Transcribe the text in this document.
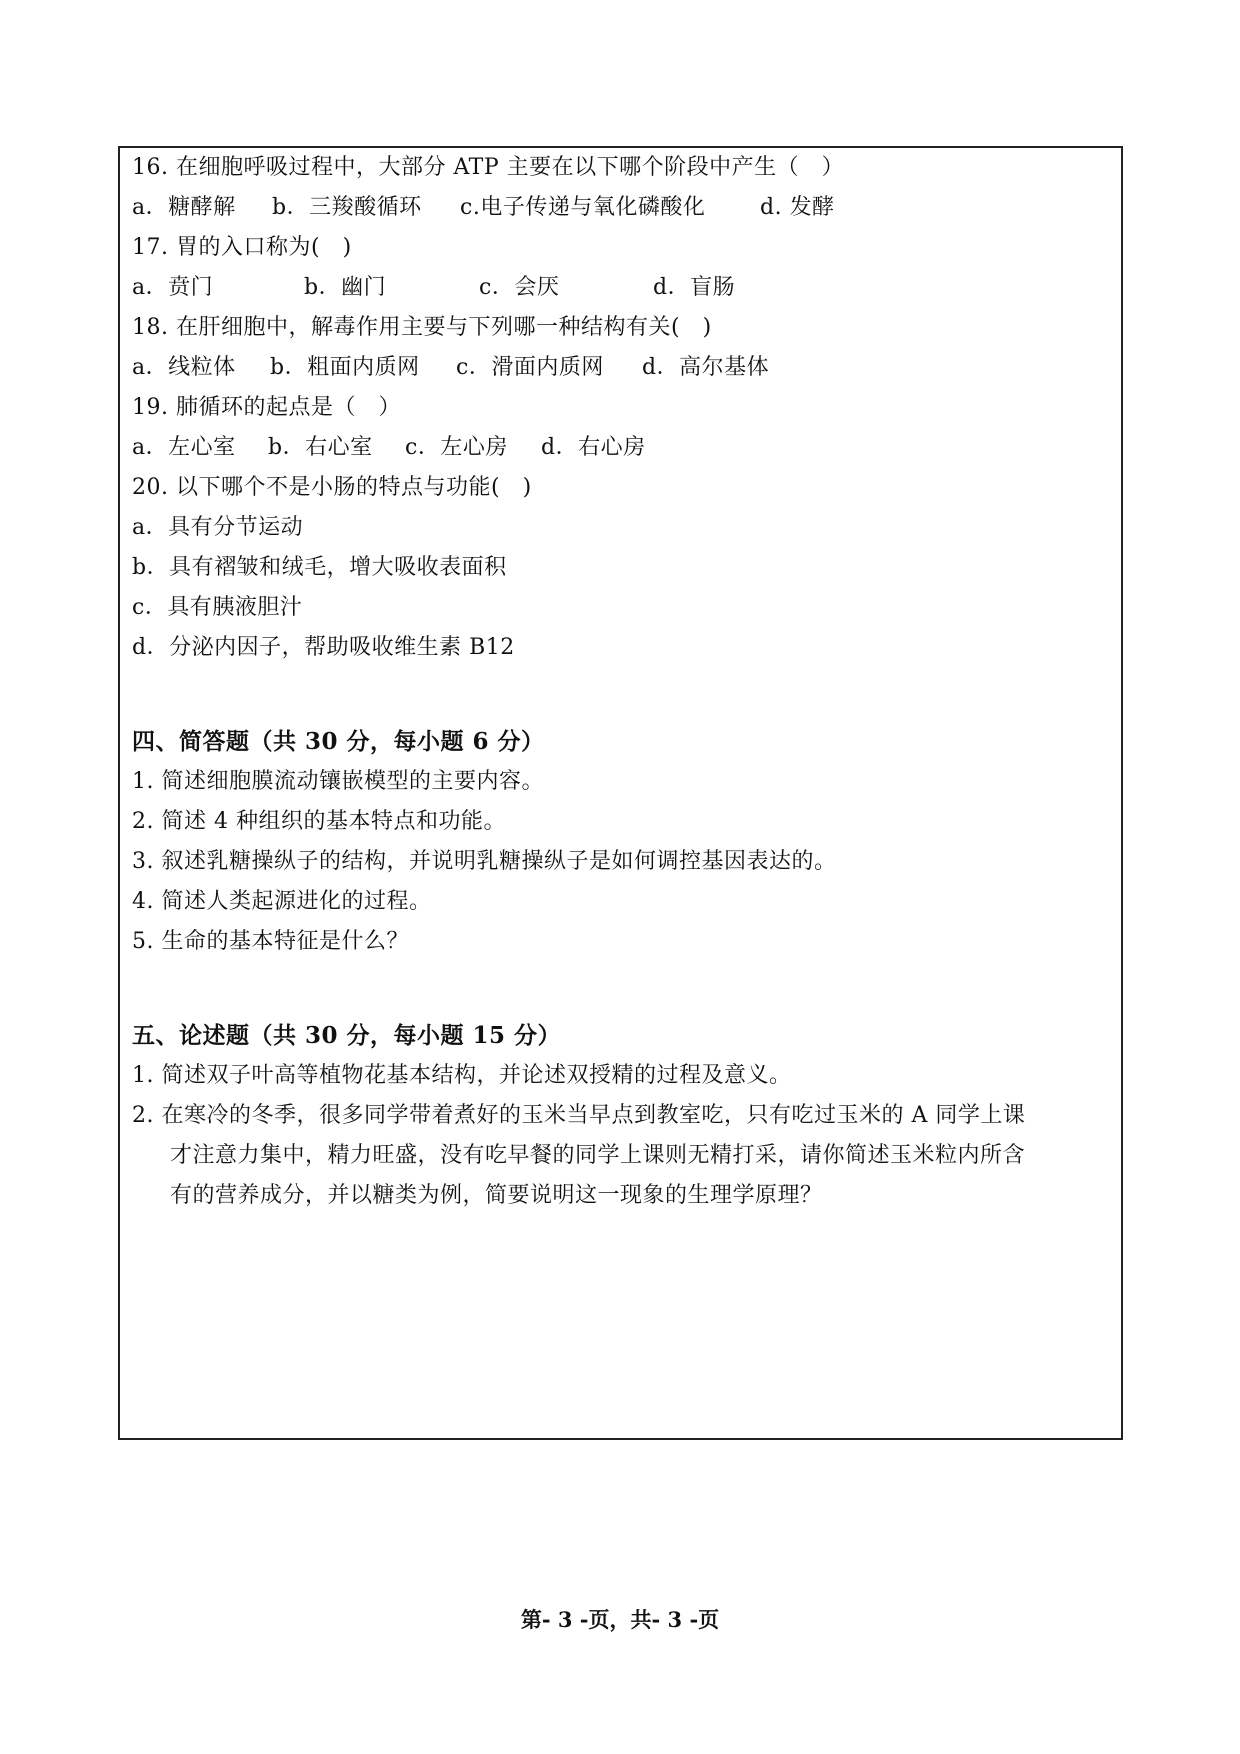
16. 在细胞呼吸过程中，大部分 ATP 主要在以下哪个阶段中产生（　）
a．糖酵解 b．三羧酸循环 c.电子传递与氧化磷酸化 d. 发酵
17. 胃的入口称为(　)
a．贲门	b．幽门	c．会厌	d．盲肠
18. 在肝细胞中，解毒作用主要与下列哪一种结构有关(　)
a．线粒体 b．粗面内质网 c．滑面内质网 d．高尔基体
19. 肺循环的起点是（　）
a．左心室 b．右心室 c．左心房 d．右心房
20. 以下哪个不是小肠的特点与功能(　)
a．具有分节运动
b．具有褶皱和绒毛，增大吸收表面积
c．具有胰液胆汁
d．分泌内因子，帮助吸收维生素 B12
四、简答题（共 30 分，每小题 6 分）
1. 简述细胞膜流动镶嵌模型的主要内容。
2. 简述 4 种组织的基本特点和功能。
3. 叙述乳糖操纵子的结构，并说明乳糖操纵子是如何调控基因表达的。
4. 简述人类起源进化的过程。
5. 生命的基本特征是什么？
五、论述题（共 30 分，每小题 15 分）
1. 简述双子叶高等植物花基本结构，并论述双授精的过程及意义。
2. 在寒冷的冬季，很多同学带着煮好的玉米当早点到教室吃，只有吃过玉米的 A 同学上课
才注意力集中，精力旺盛，没有吃早餐的同学上课则无精打采，请你简述玉米粒内所含
有的营养成分，并以糖类为例，简要说明这一现象的生理学原理？
第- 3 -页，共- 3 -页
